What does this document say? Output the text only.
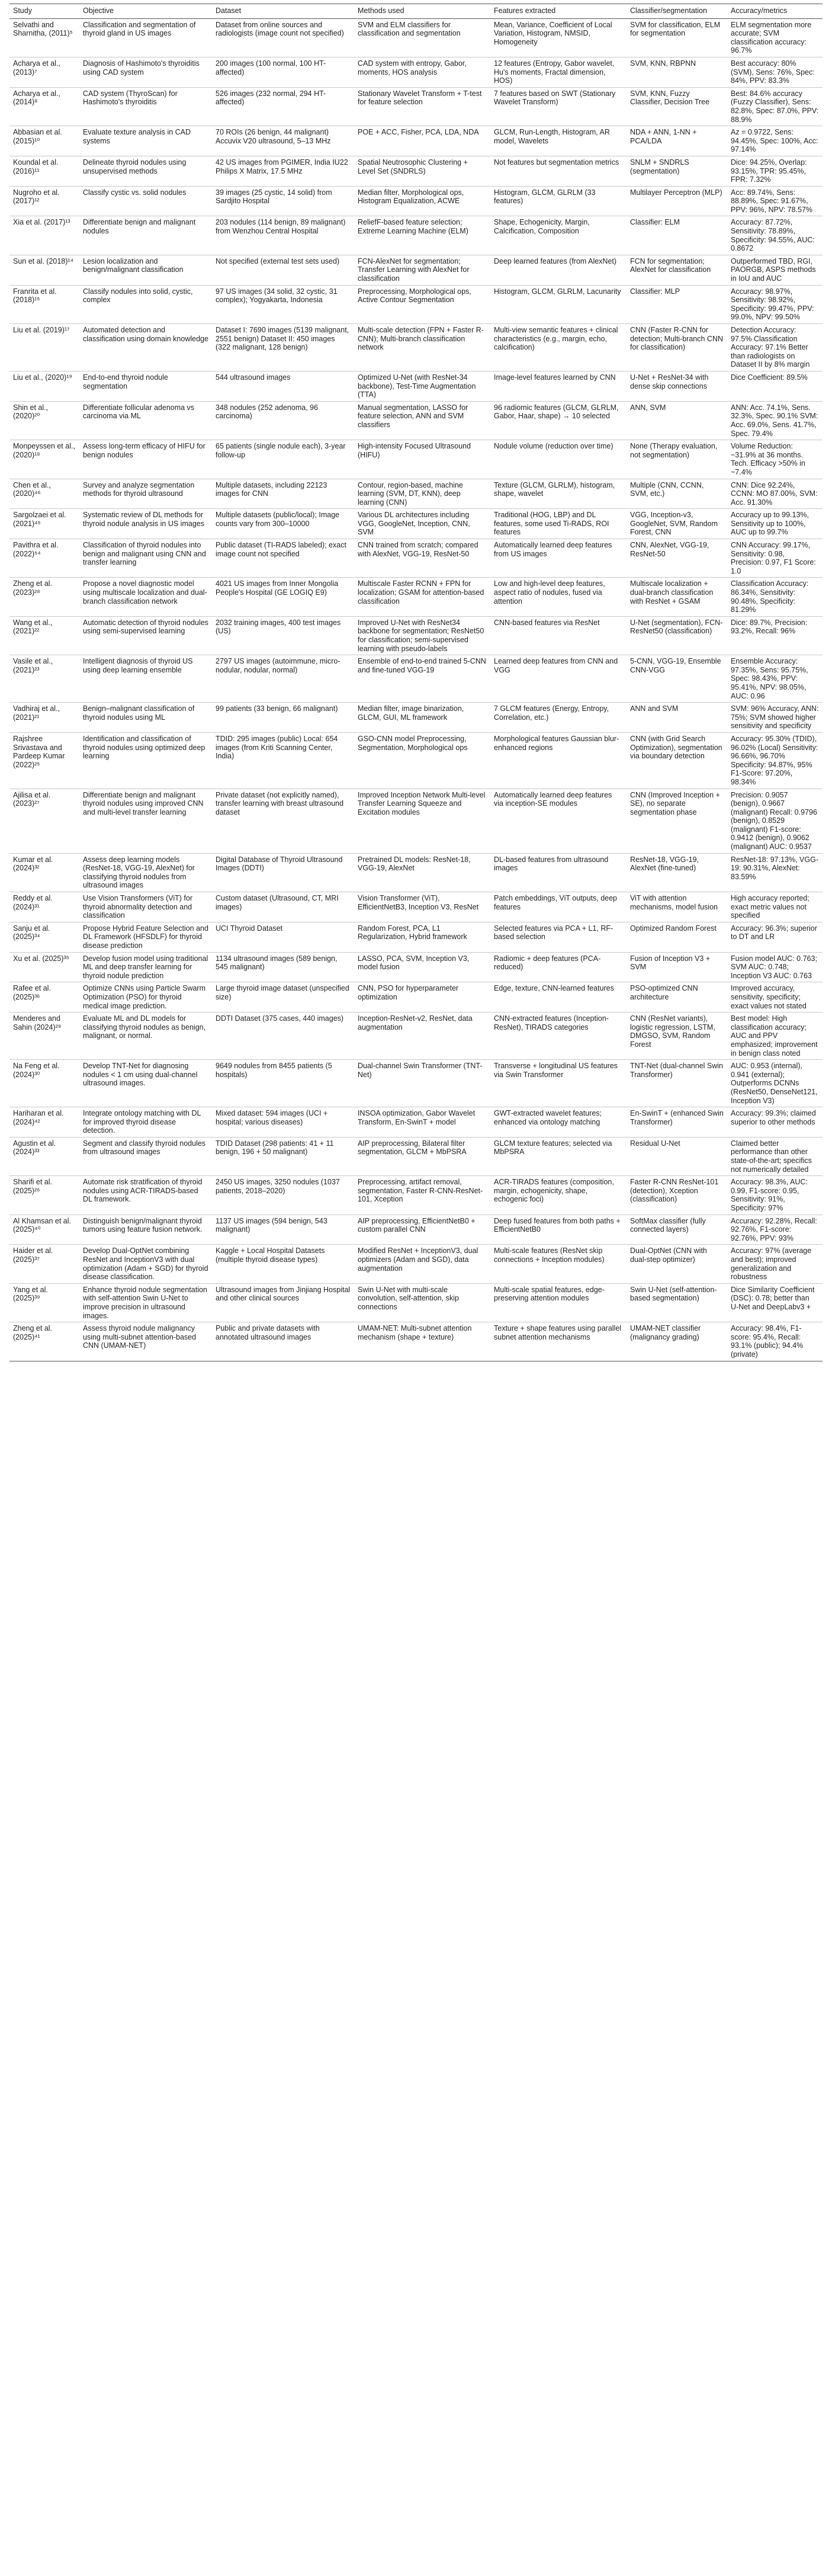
Study	Objective	Dataset	Methods used	Features extracted	Classifier/segmentation	Accuracy/metrics
Selvathi and Sharnitha, (2011)⁵	Classification and segmentation of thyroid gland in US images	Dataset from online sources and radiologists (image count not specified)	SVM and ELM classifiers for classification and segmentation	Mean, Variance, Coefficient of Local Variation, Histogram, NMSID, Homogeneity	SVM for classification, ELM for segmentation	ELM segmentation more accurate; SVM classification accuracy: 96.7%
Acharya et al., (2013)⁷	Diagnosis of Hashimoto's thyroiditis using CAD system	200 images (100 normal, 100 HT-affected)	CAD system with entropy, Gabor, moments, HOS analysis	12 features (Entropy, Gabor wavelet, Hu's moments, Fractal dimension, HOS)	SVM, KNN, RBPNN	Best accuracy: 80% (SVM), Sens: 76%, Spec: 84%, PPV: 83.3%
Acharya et al., (2014)⁸	CAD system (ThyroScan) for Hashimoto's thyroiditis	526 images (232 normal, 294 HT-affected)	Stationary Wavelet Transform + T-test for feature selection	7 features based on SWT (Stationary Wavelet Transform)	SVM, KNN, Fuzzy Classifier, Decision Tree	Best: 84.6% accuracy (Fuzzy Classifier), Sens: 82.8%, Spec: 87.0%, PPV: 88.9%
Abbasian et al. (2015)¹⁰	Evaluate texture analysis in CAD systems	70 ROIs (26 benign, 44 malignant) Accuvix V20 ultrasound, 5–13 MHz	POE + ACC, Fisher, PCA, LDA, NDA	GLCM, Run-Length, Histogram, AR model, Wavelets	NDA + ANN, 1-NN + PCA/LDA	Az = 0.9722, Sens: 94.45%, Spec: 100%, Acc: 97.14%
Koundal et al. (2016)¹¹	Delineate thyroid nodules using unsupervised methods	42 US images from PGIMER, India IU22 Philips X Matrix, 17.5 MHz	Spatial Neutrosophic Clustering + Level Set (SNDRLS)	Not features but segmentation metrics	SNLM + SNDRLS (segmentation)	Dice: 94.25%, Overlap: 93.15%, TPR: 95.45%, FPR: 7.32%
Nugroho et al. (2017)¹²	Classify cystic vs. solid nodules	39 images (25 cystic, 14 solid) from Sardjito Hospital	Median filter, Morphological ops, Histogram Equalization, ACWE	Histogram, GLCM, GLRLM (33 features)	Multilayer Perceptron (MLP)	Acc: 89.74%, Sens: 88.89%, Spec: 91.67%, PPV: 96%, NPV: 78.57%
Xia et al. (2017)¹³	Differentiate benign and malignant nodules	203 nodules (114 benign, 89 malignant) from Wenzhou Central Hospital	ReliefF-based feature selection; Extreme Learning Machine (ELM)	Shape, Echogenicity, Margin, Calcification, Composition	Classifier: ELM	Accuracy: 87.72%, Sensitivity: 78.89%, Specificity: 94.55%, AUC: 0.8672
Sun et al. (2018)¹⁴	Lesion localization and benign/malignant classification	Not specified (external test sets used)	FCN-AlexNet for segmentation; Transfer Learning with AlexNet for classification	Deep learned features (from AlexNet)	FCN for segmentation; AlexNet for classification	Outperformed TBD, RGI, PAORGB, ASPS methods in IoU and AUC
Franrita et al. (2018)¹⁵	Classify nodules into solid, cystic, complex	97 US images (34 solid, 32 cystic, 31 complex); Yogyakarta, Indonesia	Preprocessing, Morphological ops, Active Contour Segmentation	Histogram, GLCM, GLRLM, Lacunarity	Classifier: MLP	Accuracy: 98.97%, Sensitivity: 98.92%, Specificity: 99.47%, PPV: 99.0%, NPV: 99.50%
Liu et al. (2019)¹⁷	Automated detection and classification using domain knowledge	Dataset I: 7690 images (5139 malignant, 2551 benign) Dataset II: 450 images (322 malignant, 128 benign)	Multi-scale detection (FPN + Faster R-CNN); Multi-branch classification network	Multi-view semantic features + clinical characteristics (e.g., margin, echo, calcification)	CNN (Faster R-CNN for detection; Multi-branch CNN for classification)	Detection Accuracy: 97.5% Classification Accuracy: 97.1% Better than radiologists on Dataset II by 8% margin
Liu et al., (2020)¹⁹	End-to-end thyroid nodule segmentation	544 ultrasound images	Optimized U-Net (with ResNet-34 backbone), Test-Time Augmentation (TTA)	Image-level features learned by CNN	U-Net + ResNet-34 with dense skip connections	Dice Coefficient: 89.5%
Shin et al., (2020)²⁰	Differentiate follicular adenoma vs carcinoma via ML	348 nodules (252 adenoma, 96 carcinoma)	Manual segmentation, LASSO for feature selection, ANN and SVM classifiers	96 radiomic features (GLCM, GLRLM, Gabor, Haar, shape) → 10 selected	ANN, SVM	ANN: Acc. 74.1%, Sens. 32.3%, Spec. 90.1% SVM: Acc. 69.0%, Sens. 41.7%, Spec. 79.4%
Monpeyssen et al., (2020)¹⁸	Assess long-term efficacy of HIFU for benign nodules	65 patients (single nodule each), 3-year follow-up	High-intensity Focused Ultrasound (HIFU)	Nodule volume (reduction over time)	None (Therapy evaluation, not segmentation)	Volume Reduction: −31.9% at 36 months. Tech. Efficacy >50% in ~7.4%
Chen et al., (2020)⁴⁶	Survey and analyze segmentation methods for thyroid ultrasound	Multiple datasets, including 22123 images for CNN	Contour, region-based, machine learning (SVM, DT, KNN), deep learning (CNN)	Texture (GLCM, GLRLM), histogram, shape, wavelet	Multiple (CNN, CCNN, SVM, etc.)	CNN: Dice 92.24%, CCNN: MO 87.00%, SVM: Acc. 91.30%
Sargolzaei et al. (2021)⁴⁵	Systematic review of DL methods for thyroid nodule analysis in US images	Multiple datasets (public/local); Image counts vary from 300–10000	Various DL architectures including VGG, GoogleNet, Inception, CNN, SVM	Traditional (HOG, LBP) and DL features, some used Ti-RADS, ROI features	VGG, Inception-v3, GoogleNet, SVM, Random Forest, CNN	Accuracy up to 99.13%, Sensitivity up to 100%, AUC up to 99.7%
Pavithra et al. (2022)⁵⁴	Classification of thyroid nodules into benign and malignant using CNN and transfer learning	Public dataset (TI-RADS labeled); exact image count not specified	CNN trained from scratch; compared with AlexNet, VGG-19, ResNet-50	Automatically learned deep features from US images	CNN, AlexNet, VGG-19, ResNet-50	CNN Accuracy: 99.17%, Sensitivity: 0.98, Precision: 0.97, F1 Score: 1.0
Zheng et al. (2023)²⁸	Propose a novel diagnostic model using multiscale localization and dual-branch classification network	4021 US images from Inner Mongolia People's Hospital (GE LOGIQ E9)	Multiscale Faster RCNN + FPN for localization; GSAM for attention-based classification	Low and high-level deep features, aspect ratio of nodules, fused via attention	Multiscale localization + dual-branch classification with ResNet + GSAM	Classification Accuracy: 86.34%, Sensitivity: 90.48%, Specificity: 81.29%
Wang et al., (2021)²²	Automatic detection of thyroid nodules using semi-supervised learning	2032 training images, 400 test images (US)	Improved U-Net with ResNet34 backbone for segmentation; ResNet50 for classification; semi-supervised learning with pseudo-labels	CNN-based features via ResNet	U-Net (segmentation), FCN-ResNet50 (classification)	Dice: 89.7%, Precision: 93.2%, Recall: 96%
Vasile et al., (2021)²³	Intelligent diagnosis of thyroid US using deep learning ensemble	2797 US images (autoimmune, micro-nodular, nodular, normal)	Ensemble of end-to-end trained 5-CNN and fine-tuned VGG-19	Learned deep features from CNN and VGG	5-CNN, VGG-19, Ensemble CNN-VGG	Ensemble Accuracy: 97.35%, Sens: 95.75%, Spec: 98.43%, PPV: 95.41%, NPV: 98.05%, AUC: 0.96
Vadhiraj et al., (2021)²¹	Benign–malignant classification of thyroid nodules using ML	99 patients (33 benign, 66 malignant)	Median filter, image binarization, GLCM, GUI, ML framework	7 GLCM features (Energy, Entropy, Correlation, etc.)	ANN and SVM	SVM: 96% Accuracy, ANN: 75%; SVM showed higher sensitivity and specificity
Rajshree Srivastava and Pardeep Kumar (2022)²⁵	Identification and classification of thyroid nodules using optimized deep learning	TDID: 295 images (public) Local: 654 images (from Kriti Scanning Center, India)	GSO-CNN model Preprocessing, Segmentation, Morphological ops	Morphological features Gaussian blur-enhanced regions	CNN (with Grid Search Optimization), segmentation via boundary detection	Accuracy: 95.30% (TDID), 96.02% (Local) Sensitivity: 96.66%, 96.70% Specificity: 94.87%, 95% F1-Score: 97.20%, 98.34%
Ajilisa et al. (2023)²⁷	Differentiate benign and malignant thyroid nodules using improved CNN and multi-level transfer learning	Private dataset (not explicitly named), transfer learning with breast ultrasound dataset	Improved Inception Network Multi-level Transfer Learning Squeeze and Excitation modules	Automatically learned deep features via inception-SE modules	CNN (Improved Inception + SE), no separate segmentation phase	Precision: 0.9057 (benign), 0.9667 (malignant) Recall: 0.9796 (benign), 0.8529 (malignant) F1-score: 0.9412 (benign), 0.9062 (malignant) AUC: 0.9537
Kumar et al. (2024)³²	Assess deep learning models (ResNet-18, VGG-19, AlexNet) for classifying thyroid nodules from ultrasound images	Digital Database of Thyroid Ultrasound Images (DDTI)	Pretrained DL models: ResNet-18, VGG-19, AlexNet	DL-based features from ultrasound images	ResNet-18, VGG-19, AlexNet (fine-tuned)	ResNet-18: 97.13%, VGG-19: 90.31%, AlexNet: 83.59%
Reddy et al. (2024)³¹	Use Vision Transformers (ViT) for thyroid abnormality detection and classification	Custom dataset (Ultrasound, CT, MRI images)	Vision Transformer (ViT), EfficientNetB3, Inception V3, ResNet	Patch embeddings, ViT outputs, deep features	ViT with attention mechanisms, model fusion	High accuracy reported; exact metric values not specified
Sanju et al. (2025)³⁴	Propose Hybrid Feature Selection and DL Framework (HFSDLF) for thyroid disease prediction	UCI Thyroid Dataset	Random Forest, PCA, L1 Regularization, Hybrid framework	Selected features via PCA + L1, RF-based selection	Optimized Random Forest	Accuracy: 96.3%; superior to DT and LR
Xu et al. (2025)³⁵	Develop fusion model using traditional ML and deep transfer learning for thyroid nodule prediction	1134 ultrasound images (589 benign, 545 malignant)	LASSO, PCA, SVM, Inception V3, model fusion	Radiomic + deep features (PCA-reduced)	Fusion of Inception V3 + SVM	Fusion model AUC: 0.763; SVM AUC: 0.748; Inception V3 AUC: 0.763
Rafee et al. (2025)³⁶	Optimize CNNs using Particle Swarm Optimization (PSO) for thyroid medical image prediction.	Large thyroid image dataset (unspecified size)	CNN, PSO for hyperparameter optimization	Edge, texture, CNN-learned features	PSO-optimized CNN architecture	Improved accuracy, sensitivity, specificity; exact values not stated
Menderes and Sahin (2024)²⁹	Evaluate ML and DL models for classifying thyroid nodules as benign, malignant, or normal.	DDTI Dataset (375 cases, 440 images)	Inception-ResNet-v2, ResNet, data augmentation	CNN-extracted features (Inception-ResNet), TIRADS categories	CNN (ResNet variants), logistic regression, LSTM, DMGSO, SVM, Random Forest	Best model: High classification accuracy; AUC and PPV emphasized; improvement in benign class noted
Na Feng et al. (2024)³⁰	Develop TNT-Net for diagnosing nodules < 1 cm using dual-channel ultrasound images.	9649 nodules from 8455 patients (5 hospitals)	Dual-channel Swin Transformer (TNT-Net)	Transverse + longitudinal US features via Swin Transformer	TNT-Net (dual-channel Swin Transformer)	AUC: 0.953 (internal), 0.941 (external); Outperforms DCNNs (ResNet50, DenseNet121, Inception V3)
Hariharan et al. (2024)⁴²	Integrate ontology matching with DL for improved thyroid disease detection.	Mixed dataset: 594 images (UCI + hospital; various diseases)	INSOA optimization, Gabor Wavelet Transform, En-SwinT + model	GWT-extracted wavelet features; enhanced via ontology matching	En-SwinT + (enhanced Swin Transformer)	Accuracy: 99.3%; claimed superior to other methods
Agustin et al. (2024)³³	Segment and classify thyroid nodules from ultrasound images	TDID Dataset (298 patients: 41 + 11 benign, 196 + 50 malignant)	AIP preprocessing, Bilateral filter segmentation, GLCM + MbPSRA	GLCM texture features; selected via MbPSRA	Residual U-Net	Claimed better performance than other state-of-the-art; specifics not numerically detailed
Sharifi et al. (2025)²⁶	Automate risk stratification of thyroid nodules using ACR-TIRADS-based DL framework.	2450 US images, 3250 nodules (1037 patients, 2018–2020)	Preprocessing, artifact removal, segmentation, Faster R-CNN-ResNet-101, Xception	ACR-TIRADS features (composition, margin, echogenicity, shape, echogenic foci)	Faster R-CNN ResNet-101 (detection), Xception (classification)	Accuracy: 98.3%, AUC: 0.99, F1-score: 0.95, Sensitivity: 91%, Specificity: 97%
Al Khamsan et al. (2025)⁴⁰	Distinguish benign/malignant thyroid tumors using feature fusion network.	1137 US images (594 benign, 543 malignant)	AIP preprocessing, EfficientNetB0 + custom parallel CNN	Deep fused features from both paths + EfficientNetB0	SoftMax classifier (fully connected layers)	Accuracy: 92.28%, Recall: 92.76%, F1-score: 92.76%, PPV: 93%
Haider et al. (2025)³⁷	Develop Dual-OptNet combining ResNet and InceptionV3 with dual optimization (Adam + SGD) for thyroid disease classification.	Kaggle + Local Hospital Datasets (multiple thyroid disease types)	Modified ResNet + InceptionV3, dual optimizers (Adam and SGD), data augmentation	Multi-scale features (ResNet skip connections + Inception modules)	Dual-OptNet (CNN with dual-step optimizer)	Accuracy: 97% (average and best); improved generalization and robustness
Yang et al. (2025)³⁹	Enhance thyroid nodule segmentation with self-attention Swin U-Net to improve precision in ultrasound images.	Ultrasound images from Jinjiang Hospital and other clinical sources	Swin U-Net with multi-scale convolution, self-attention, skip connections	Multi-scale spatial features, edge-preserving attention modules	Swin U-Net (self-attention-based segmentation)	Dice Similarity Coefficient (DSC): 0.78; better than U-Net and DeepLabv3 +
Zheng et al. (2025)⁴¹	Assess thyroid nodule malignancy using multi-subnet attention-based CNN (UMAM-NET)	Public and private datasets with annotated ultrasound images	UMAM-NET: Multi-subnet attention mechanism (shape + texture)	Texture + shape features using parallel subnet attention mechanisms	UMAM-NET classifier (malignancy grading)	Accuracy: 98.4%, F1-score: 95.4%, Recall: 93.1% (public); 94.4% (private)
